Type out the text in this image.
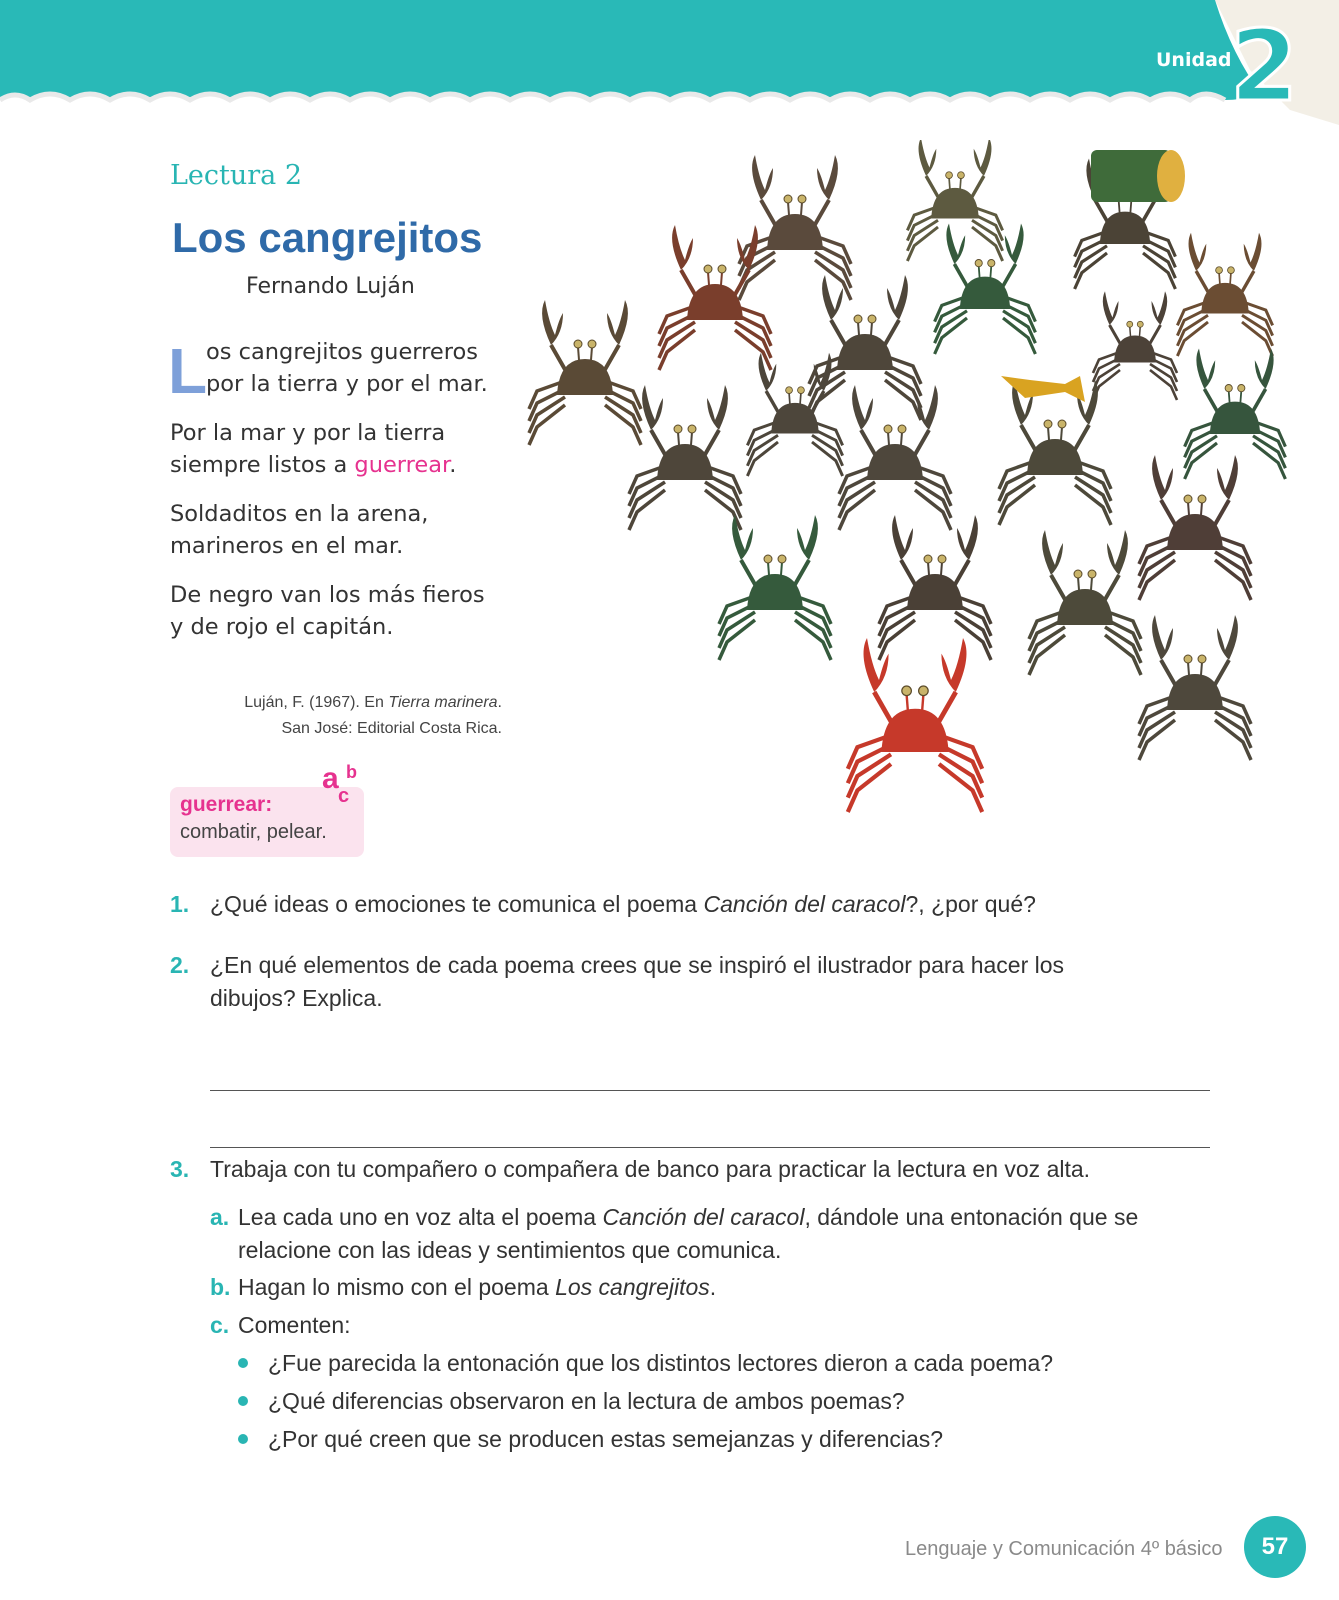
Unidad
2
Lectura 2
Los cangrejitos
Fernando Luján
L
os cangrejitos guerreros
por la tierra y por el mar.
Por la mar y por la tierra
siempre listos a guerrear.
Soldaditos en la arena,
marineros en el mar.
De negro van los más fieros
y de rojo el capitán.
Luján, F. (1967). En Tierra marinera.
San José: Editorial Costa Rica.
guerrear:
combatir, pelear.
a b
c
1. ¿Qué ideas o emociones te comunica el poema Canción del caracol?, ¿por qué?
2. ¿En qué elementos de cada poema crees que se inspiró el ilustrador para hacer los dibujos? Explica.
3. Trabaja con tu compañero o compañera de banco para practicar la lectura en voz alta.
a. Lea cada uno en voz alta el poema Canción del caracol, dándole una entonación que se relacione con las ideas y sentimientos que comunica.
b. Hagan lo mismo con el poema Los cangrejitos.
c. Comenten:
¿Fue parecida la entonación que los distintos lectores dieron a cada poema?
¿Qué diferencias observaron en la lectura de ambos poemas?
¿Por qué creen que se producen estas semejanzas y diferencias?
Lenguaje y Comunicación 4º básico	57
